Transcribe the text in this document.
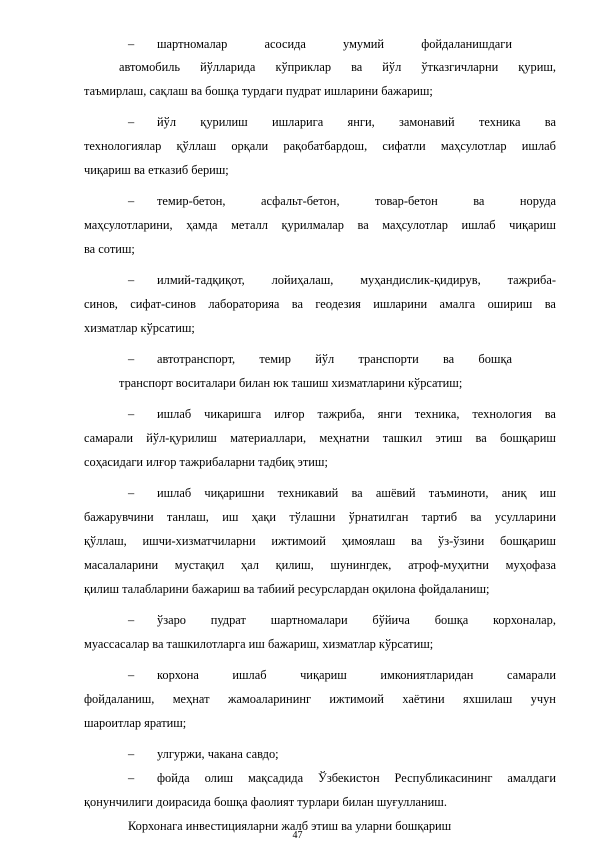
– шартномалар	асосида	умумий	фойдаланишдаги
автомобиль йўлларида кўприклар ва йўл ўтказгичларни қуриш,
таъмирлаш, сақлаш ва бошқа турдаги пудрат ишларини бажариш;
– йўл қурилиш ишларига янги, замонавий техника ва
технологиялар қўллаш орқали рақобатбардош, сифатли маҳсулотлар ишлаб
чиқариш ва етказиб бериш;
– темир-бетон,	асфальт-бетон,	товар-бетон	ва	норуда
маҳсулотларини, ҳамда металл қурилмалар ва маҳсулотлар ишлаб чиқариш
ва сотиш;
– илмий-тадқиқот, лойиҳалаш, муҳандислик-қидирув, тажриба-
синов, сифат-синов лабораторияа ва геодезия ишларини амалга ошириш ва
хизматлар кўрсатиш;
– автотранспорт, темир йўл транспорти ва бошқа
транспорт воситалари билан юк ташиш хизматларини кўрсатиш;
– ишлаб чикаришга илғор тажриба, янги техника, технология ва
самарали йўл-қурилиш материаллари, меҳнатни ташкил этиш ва бошқариш
соҳасидаги илғор тажрибаларни тадбиқ этиш;
– ишлаб чиқаришни техникавий ва ашёвий таъминоти, аниқ иш
бажарувчини танлаш, иш ҳақи тўлашни ўрнатилган тартиб ва усулларини
қўллаш, ишчи-хизматчиларни ижтимоий ҳимоялаш ва ўз-ўзини бошқариш
масалаларини мустақил ҳал қилиш, шунингдек, атроф-муҳитни муҳофаза
қилиш талабларини бажариш ва табиий ресурслардан оқилона фойдаланиш;
– ўзаро пудрат шартномалари бўйича бошқа корхоналар,
муассасалар ва ташкилотларга иш бажариш, хизматлар кўрсатиш;
– корхона	ишлаб	чиқариш	имкониятларидан	самарали
фойдаланиш, меҳнат жамоаларининг ижтимоий хаётини яхшилаш учун
шароитлар яратиш;
– улгуржи, чакана савдо;
– фойда олиш мақсадида Ўзбекистон Республикасининг амалдаги
қонунчилиги доирасида бошқа фаолият турлари билан шуғулланиш.
Корхонага инвестицияларни жалб этиш ва уларни бошқариш
47
